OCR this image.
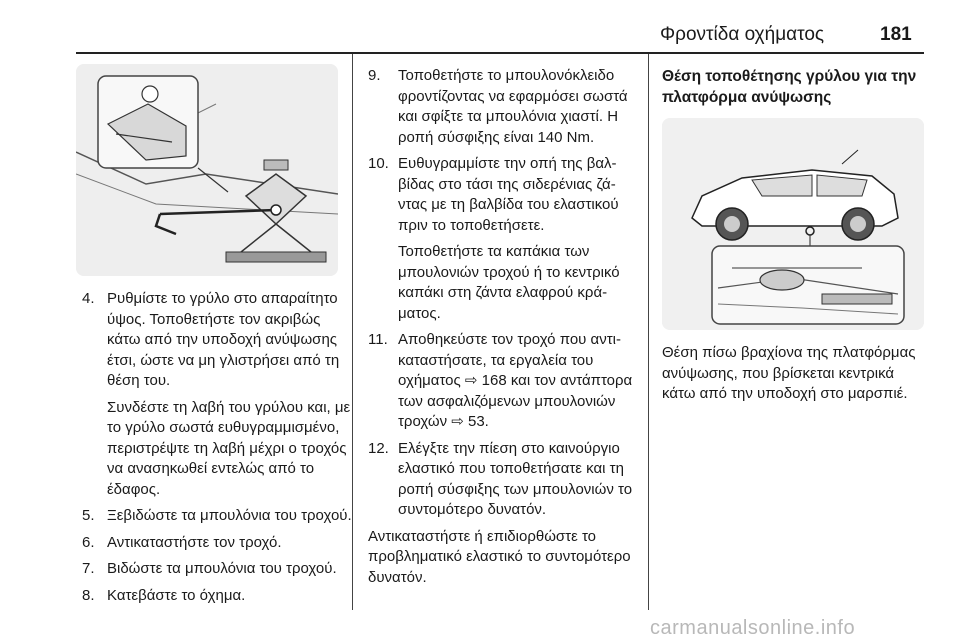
Φροντίδα οχήματος	181
4. Ρυθμίστε το γρύλο στο απαραίτητο ύψος. Τοποθετήστε τον ακριβώς κάτω από την υποδοχή ανύψωσης έτσι, ώστε να μη γλιστρήσει από τη θέση του.

Συνδέστε τη λαβή του γρύλου και, με το γρύλο σωστά ευθυγραμμισμένο, περιστρέψτε τη λαβή μέχρι ο τροχός να ανασηκωθεί εντελώς από το έδαφος.

5. Ξεβιδώστε τα μπουλόνια του τροχού.

6. Αντικαταστήστε τον τροχό.

7. Βιδώστε τα μπουλόνια του τροχού.

8. Κατεβάστε το όχημα.

9.	Τοποθετήστε το μπουλονόκλειδο φροντίζοντας να εφαρμόσει σωστά και σφίξτε τα μπουλόνια χιαστί. Η ροπή σύσφιξης είναι 140 Nm.

10. Ευθυγραμμίστε την οπή της βαλβίδας στο τάσι της σιδερένιας ζάντας με τη βαλβίδα του ελαστικού πριν το τοποθετήσετε.

Τοποθετήστε τα καπάκια των μπουλονιών τροχού ή το κεντρικό καπάκι στη ζάντα ελαφρού κράματος.

11. Αποθηκεύστε τον τροχό που αντικαταστήσατε, τα εργαλεία του οχήματος ⇨ 168 και τον αντάπτορα των ασφαλιζόμενων μπουλονιών τροχών ⇨ 53.

12. Ελέγξτε την πίεση στο καινούργιο ελαστικό που τοποθετήσατε και τη ροπή σύσφιξης των μπουλονιών το συντομότερο δυνατόν.

Αντικαταστήστε ή επιδιορθώστε το προβληματικό ελαστικό το συντομότερο δυνατόν.

Θέση τοποθέτησης γρύλου για την πλατφόρμα ανύψωσης

Θέση πίσω βραχίονα της πλατφόρμας ανύψωσης, που βρίσκεται κεντρικά κάτω από την υποδοχή στο μαρσπιέ.

carmanualsonline.info
